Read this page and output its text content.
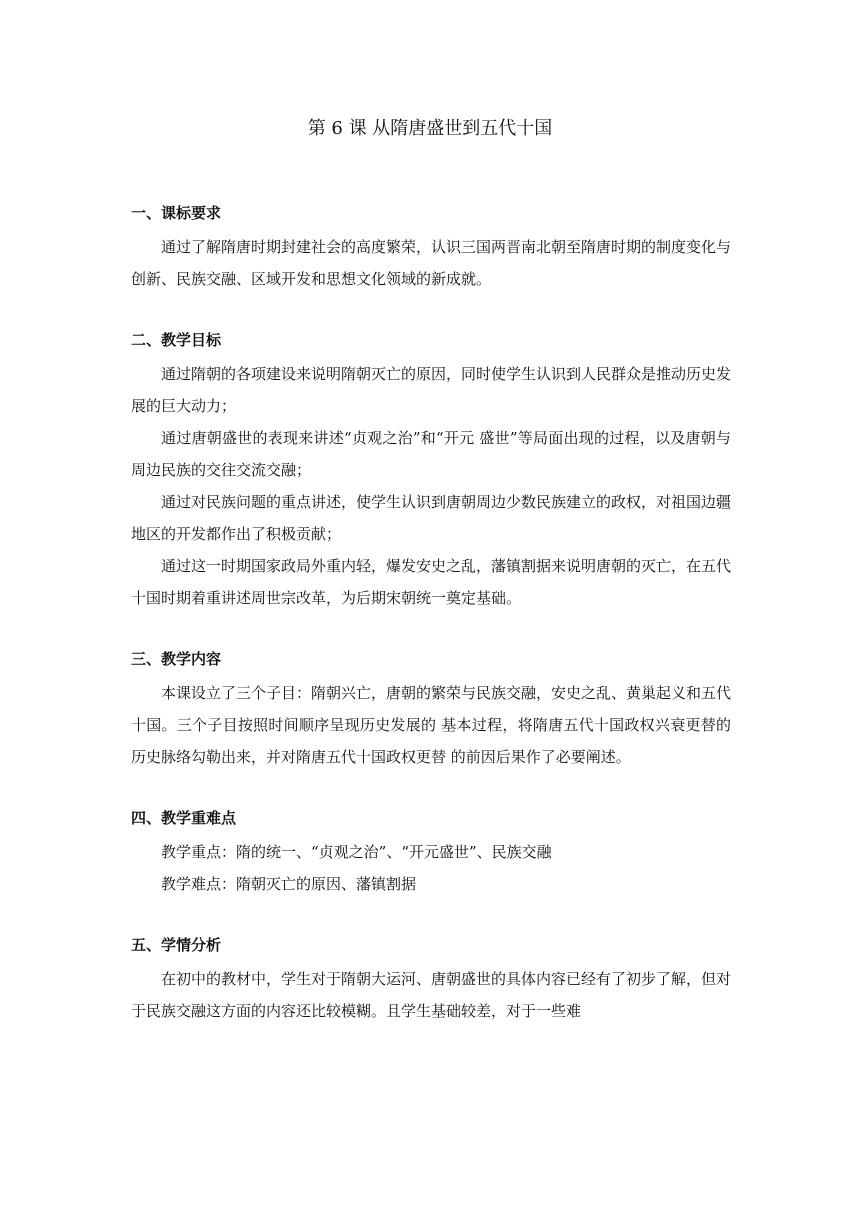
第 6 课 从隋唐盛世到五代十国
一、课标要求

通过了解隋唐时期封建社会的高度繁荣，认识三国两晋南北朝至隋唐时期的制度变化与创新、民族交融、区域开发和思想文化领域的新成就。

二、教学目标

通过隋朝的各项建设来说明隋朝灭亡的原因，同时使学生认识到人民群众是推动历史发展的巨大动力；

通过唐朝盛世的表现来讲述“贞观之治”和“开元 盛世”等局面出现的过程，以及唐朝与周边民族的交往交流交融；

通过对民族问题的重点讲述，使学生认识到唐朝周边少数民族建立的政权，对祖国边疆地区的开发都作出了积极贡献；

通过这一时期国家政局外重内轻，爆发安史之乱，藩镇割据来说明唐朝的灭亡，在五代十国时期着重讲述周世宗改革，为后期宋朝统一奠定基础。

三、教学内容

本课设立了三个子目：隋朝兴亡，唐朝的繁荣与民族交融，安史之乱、黄巢起义和五代十国。三个子目按照时间顺序呈现历史发展的 基本过程，将隋唐五代十国政权兴衰更替的历史脉络勾勒出来，并对隋唐五代十国政权更替 的前因后果作了必要阐述。

四、教学重难点

教学重点：隋的统一、“贞观之治”、“开元盛世”、民族交融

教学难点：隋朝灭亡的原因、藩镇割据

五、学情分析

在初中的教材中，学生对于隋朝大运河、唐朝盛世的具体内容已经有了初步了解，但对于民族交融这方面的内容还比较模糊。且学生基础较差，对于一些难
